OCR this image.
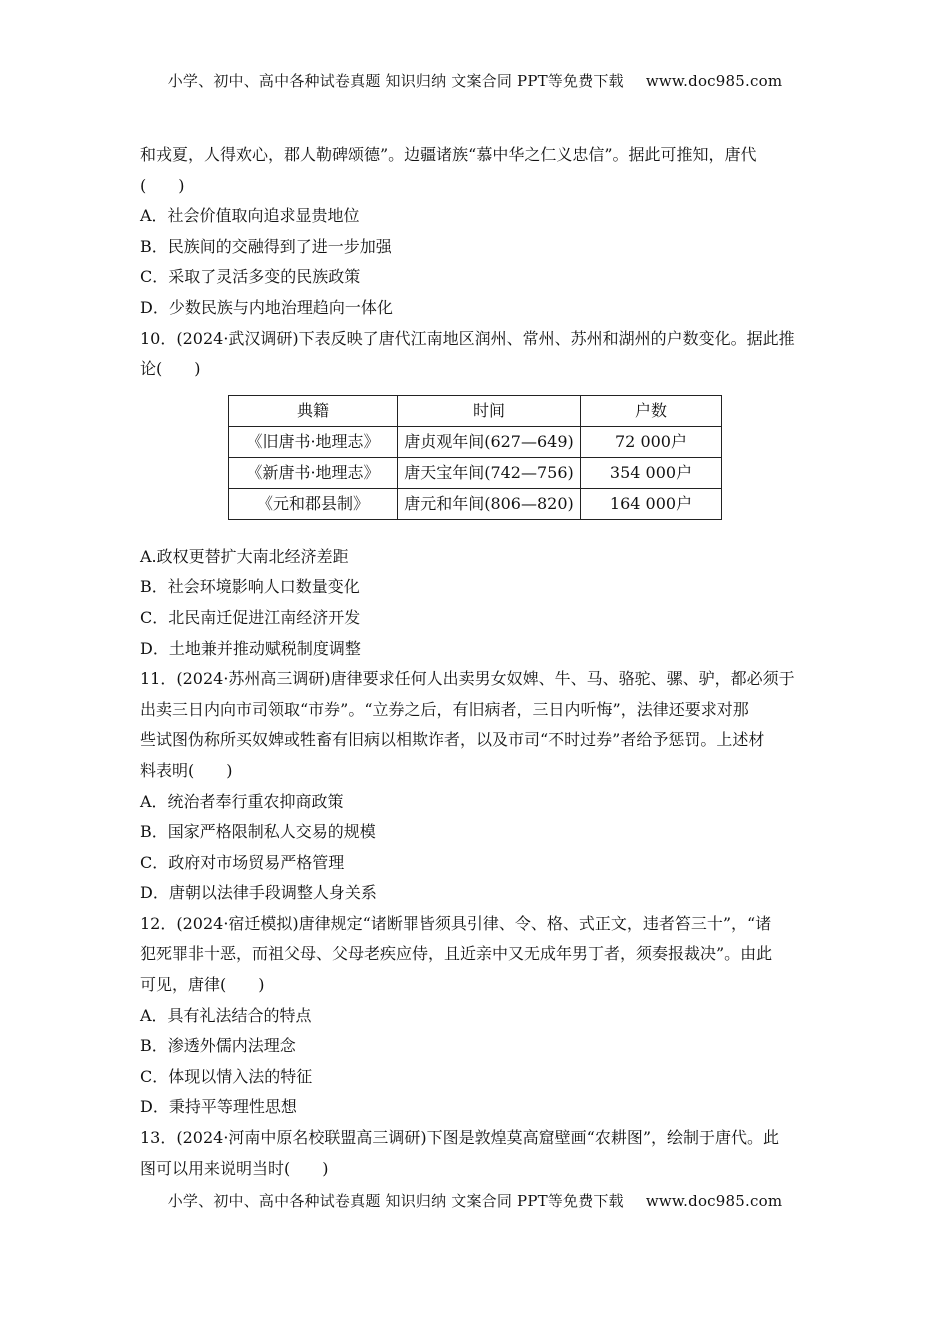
小学、初中、高中各种试卷真题 知识归纳 文案合同 PPT等免费下载 www.doc985.com

和戎夏，人得欢心，郡人勒碑颂德”。边疆诸族“慕中华之仁义忠信”。据此可推知，唐代

(　　)

A．社会价值取向追求显贵地位

B．民族间的交融得到了进一步加强

C．采取了灵活多变的民族政策

D．少数民族与内地治理趋向一体化

10．(2024·武汉调研)下表反映了唐代江南地区润州、常州、苏州和湖州的户数变化。据此推

论(　　)

典籍	时间	户数
《旧唐书·地理志》	唐贞观年间(627—649)	72 000户
《新唐书·地理志》	唐天宝年间(742—756)	354 000户
《元和郡县制》	唐元和年间(806—820)	164 000户

A.政权更替扩大南北经济差距

B．社会环境影响人口数量变化

C．北民南迁促进江南经济开发

D．土地兼并推动赋税制度调整

11．(2024·苏州高三调研)唐律要求任何人出卖男女奴婢、牛、马、骆驼、骡、驴，都必须于

出卖三日内向市司领取“市券”。“立券之后，有旧病者，三日内听悔”，法律还要求对那

些试图伪称所买奴婢或牲畜有旧病以相欺诈者，以及市司“不时过券”者给予惩罚。上述材

料表明(　　)

A．统治者奉行重农抑商政策

B．国家严格限制私人交易的规模

C．政府对市场贸易严格管理

D．唐朝以法律手段调整人身关系

12．(2024·宿迁模拟)唐律规定“诸断罪皆须具引律、令、格、式正文，违者笞三十”，“诸

犯死罪非十恶，而祖父母、父母老疾应侍，且近亲中又无成年男丁者，须奏报裁决”。由此

可见，唐律(　　)

A．具有礼法结合的特点

B．渗透外儒内法理念

C．体现以情入法的特征

D．秉持平等理性思想

13．(2024·河南中原名校联盟高三调研)下图是敦煌莫高窟壁画“农耕图”，绘制于唐代。此

图可以用来说明当时(　　)

小学、初中、高中各种试卷真题 知识归纳 文案合同 PPT等免费下载 www.doc985.com
